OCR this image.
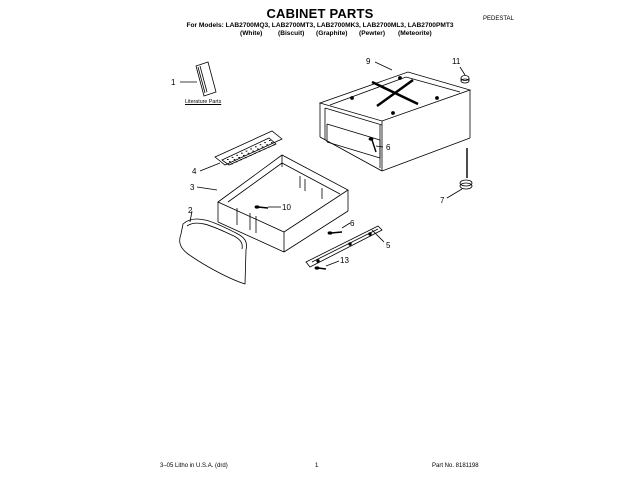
CABINET PARTS	PEDESTAL
For Models: LAB2700MQ3, LAB2700MT3, LAB2700MK3, LAB2700ML3, LAB2700PMT3
(White) (Biscuit) (Graphite) (Pewter) (Meteorite)
Literature Parts
1
2
3
4
5
6
6
7
9
10
11
13
3–05 Litho in U.S.A. (drd)	1	Part No. 8181198
